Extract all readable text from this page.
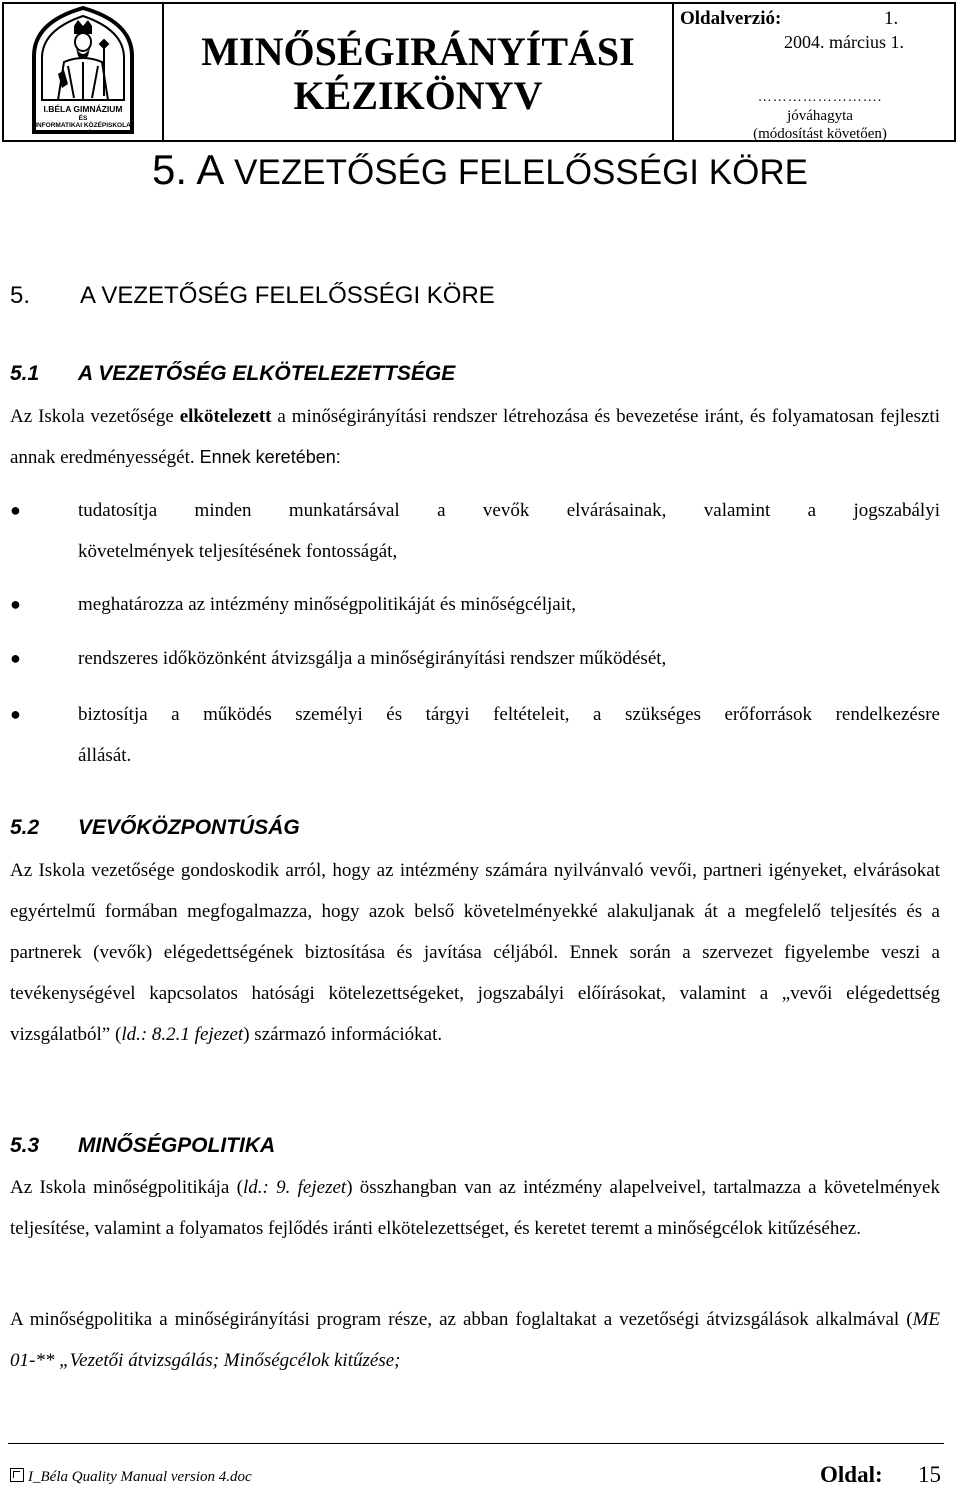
I.BÉLA GIMNÁZIUM
ÉS
INFORMATIKAI KÖZÉPISKOLA
SZEKSZÁRD
MINŐSÉGIRÁNYÍTÁSI
KÉZIKÖNYV
Oldalverzió:	1.
2004. március 1.
…………………….
jóváhagyta
(módosítást követően)
5. A VEZETŐSÉG FELELŐSSÉGI KÖRE
5. A VEZETŐSÉG FELELŐSSÉGI KÖRE
5.1 A VEZETŐSÉG ELKÖTELEZETTSÉGE
Az Iskola vezetősége elkötelezett a minőségirányítási rendszer létrehozása és bevezetése iránt, és folyamatosan fejleszti annak eredményességét. Ennek keretében:
●	tudatosítja minden munkatársával a vevők elvárásainak, valamint a jogszabályi
követelmények teljesítésének fontosságát,
●	meghatározza az intézmény minőségpolitikáját és minőségcéljait,
●	rendszeres időközönként átvizsgálja a minőségirányítási rendszer működését,
●	biztosítja a működés személyi és tárgyi feltételeit, a szükséges erőforrások rendelkezésre
állását.
5.2 VEVŐKÖZPONTÚSÁG
Az Iskola vezetősége gondoskodik arról, hogy az intézmény számára nyilvánvaló vevői, partneri igényeket, elvárásokat egyértelmű formában megfogalmazza, hogy azok belső követelményekké alakuljanak át a megfelelő teljesítés és a partnerek (vevők) elégedettségének biztosítása és javítása céljából. Ennek során a szervezet figyelembe veszi a tevékenységével kapcsolatos hatósági kötelezettségeket, jogszabályi előírásokat, valamint a „vevői elégedettség vizsgálatból” (ld.: 8.2.1 fejezet) származó információkat.
5.3 MINŐSÉGPOLITIKA
Az Iskola minőségpolitikája (ld.: 9. fejezet) összhangban van az intézmény alapelveivel, tartalmazza a követelmények teljesítése, valamint a folyamatos fejlődés iránti elkötelezettséget, és keretet teremt a minőségcélok kitűzéséhez.
A minőségpolitika a minőségirányítási program része, az abban foglaltakat a vezetőségi átvizsgálások alkalmával (ME 01-** „Vezetői átvizsgálás; Minőségcélok kitűzése;
I_Béla Quality Manual version 4.doc	Oldal: 15
